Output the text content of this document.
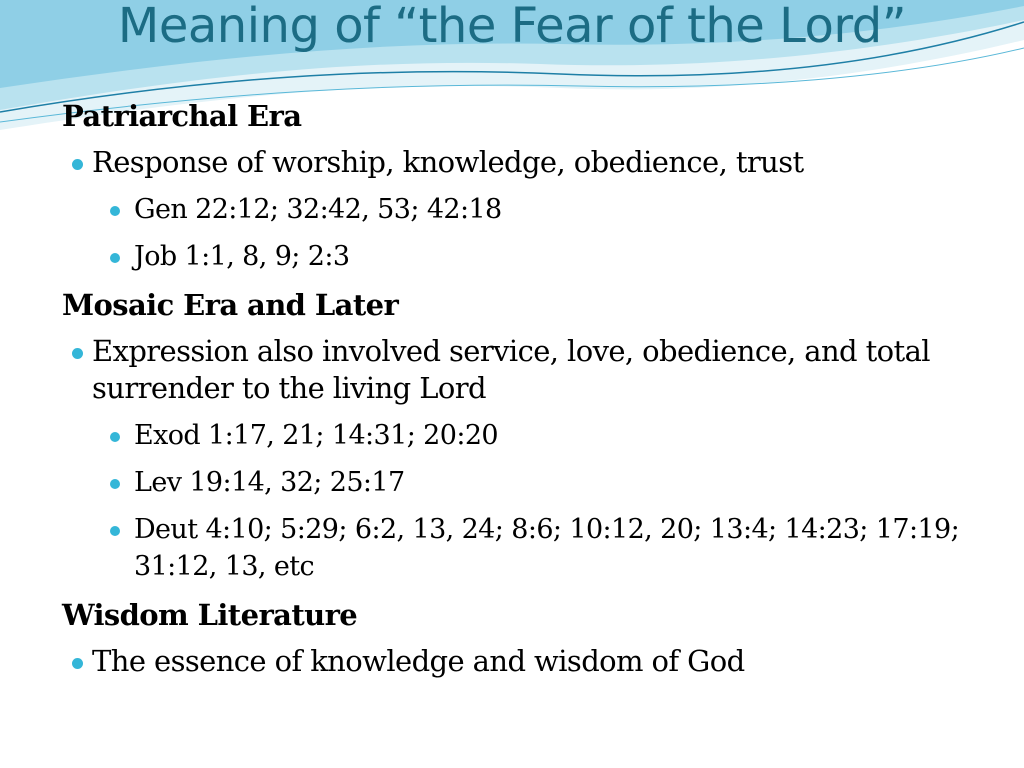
Meaning of “the Fear of the Lord”
Patriarchal Era
Response of worship, knowledge, obedience, trust
Gen 22:12; 32:42, 53; 42:18
Job 1:1, 8, 9; 2:3
Mosaic Era and Later
Expression also involved service, love, obedience, and total surrender to the living Lord
Exod 1:17, 21; 14:31; 20:20
Lev 19:14, 32; 25:17
Deut 4:10; 5:29; 6:2, 13, 24; 8:6; 10:12, 20; 13:4; 14:23; 17:19; 31:12, 13, etc
Wisdom Literature
The essence of knowledge and wisdom of God
